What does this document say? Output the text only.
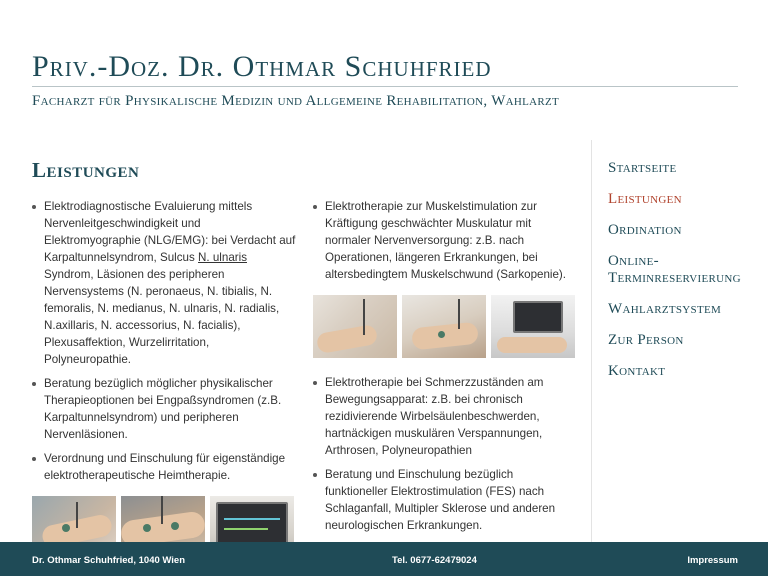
Priv.-Doz. Dr. Othmar Schuhfried
Facharzt für Physikalische Medizin und Allgemeine Rehabilitation, Wahlarzt
Leistungen
Elektrodiagnostische Evaluierung mittels Nervenleitgeschwindigkeit und Elektromyographie (NLG/EMG): bei Verdacht auf Karpaltunnelsyndrom, Sulcus N. ulnaris Syndrom, Läsionen des peripheren Nervensystems (N. peronaeus, N. tibialis, N. femoralis, N. medianus, N. ulnaris, N. radialis, N.axillaris, N. accessorius, N. facialis), Plexusaffektion, Wurzelirritation, Polyneuropathie.
Beratung bezüglich möglicher physikalischer Therapieoptionen bei Engpaßsyndromen (z.B. Karpaltunnelsyndrom) und peripheren Nervenläsionen.
Verordnung und Einschulung für eigenständige elektrotherapeutische Heimtherapie.
Elektrotherapie zur Muskelstimulation zur Kräftigung geschwächter Muskulatur mit normaler Nervenversorgung: z.B. nach Operationen, längeren Erkrankungen, bei altersbedingtem Muskelschwund (Sarkopenie).
Elektrotherapie bei Schmerzzuständen am Bewegungsapparat: z.B. bei chronisch rezidivierende Wirbelsäulenbeschwerden, hartnäckigen muskulären Verspannungen, Arthrosen, Polyneuropathien
Beratung und Einschulung bezüglich funktioneller Elektrostimulation (FES) nach Schlaganfall, Multipler Sklerose und anderen neurologischen Erkrankungen.
Startseite
Leistungen
Ordination
Online-
Terminreservierung
Wahlarztsystem
Zur Person
Kontakt
Dr. Othmar Schuhfried, 1040 Wien	Tel. 0677-62479024	Impressum
